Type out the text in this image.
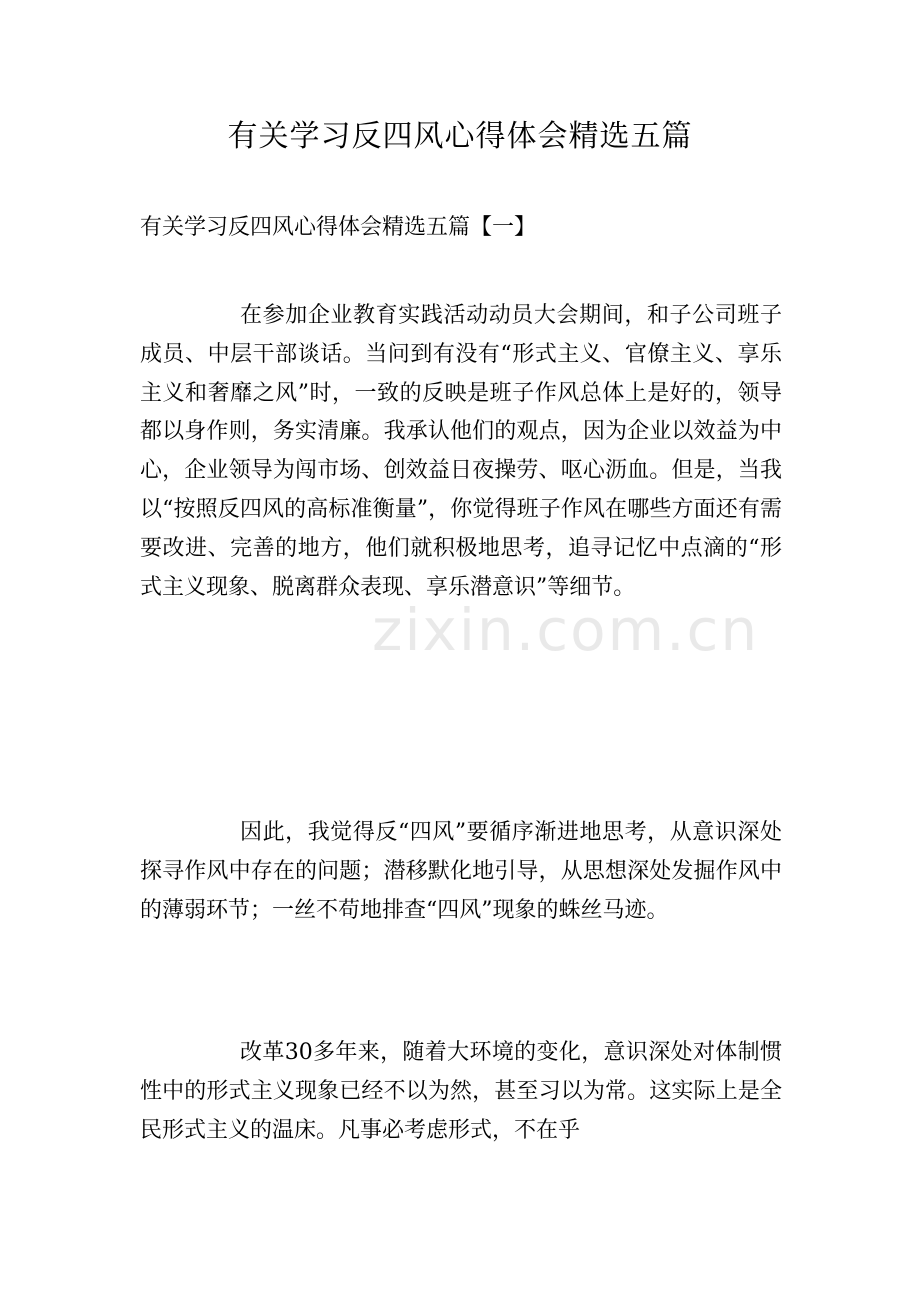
有关学习反四风心得体会精选五篇

有关学习反四风心得体会精选五篇【一】

在参加企业教育实践活动动员大会期间，和子公司班子成员、中层干部谈话。当问到有没有“形式主义、官僚主义、享乐主义和奢靡之风”时，一致的反映是班子作风总体上是好的，领导都以身作则，务实清廉。我承认他们的观点，因为企业以效益为中心，企业领导为闯市场、创效益日夜操劳、呕心沥血。但是，当我以“按照反四风的高标准衡量”，你觉得班子作风在哪些方面还有需要改进、完善的地方，他们就积极地思考，追寻记忆中点滴的“形式主义现象、脱离群众表现、享乐潜意识”等细节。

zixin.com.cn

因此，我觉得反“四风”要循序渐进地思考，从意识深处探寻作风中存在的问题；潜移默化地引导，从思想深处发掘作风中的薄弱环节；一丝不苟地排查“四风”现象的蛛丝马迹。

改革30多年来，随着大环境的变化，意识深处对体制惯性中的形式主义现象已经不以为然，甚至习以为常。这实际上是全民形式主义的温床。凡事必考虑形式，不在乎
